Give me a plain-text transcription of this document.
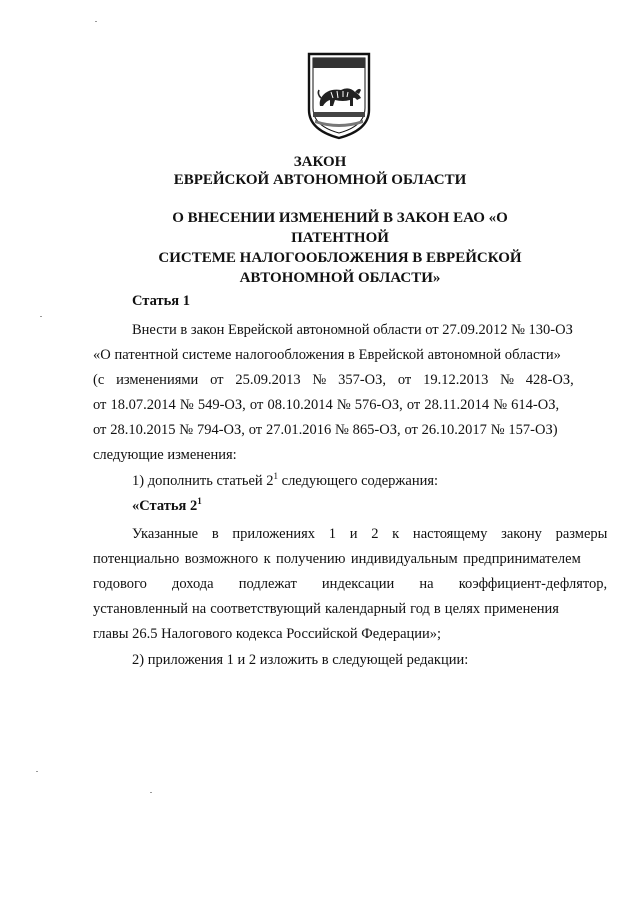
ЗАКОН
ЕВРЕЙСКОЙ АВТОНОМНОЙ ОБЛАСТИ
О ВНЕСЕНИИ ИЗМЕНЕНИЙ В ЗАКОН ЕАО «О ПАТЕНТНОЙ
СИСТЕМЕ НАЛОГООБЛОЖЕНИЯ В ЕВРЕЙСКОЙ
АВТОНОМНОЙ ОБЛАСТИ»
Статья 1
Внести в закон Еврейской автономной области от 27.09.2012 № 130-ОЗ
«О патентной системе налогообложения в Еврейской автономной области»
(с изменениями от 25.09.2013 № 357-ОЗ, от 19.12.2013 № 428-ОЗ,
от 18.07.2014 № 549-ОЗ, от 08.10.2014 № 576-ОЗ, от 28.11.2014 № 614-ОЗ,
от 28.10.2015 № 794-ОЗ, от 27.01.2016 № 865-ОЗ, от 26.10.2017 № 157-ОЗ)
следующие изменения:
1) дополнить статьей $2^1$ следующего содержания:
«Статья $2^1$
Указанные в приложениях 1 и 2 к настоящему закону размеры
потенциально возможного к получению индивидуальным предпринимателем
годового дохода подлежат индексации на коэффициент-дефлятор,
установленный на соответствующий календарный год в целях применения
главы 26.5 Налогового кодекса Российской Федерации»;
2) приложения 1 и 2 изложить в следующей редакции:
